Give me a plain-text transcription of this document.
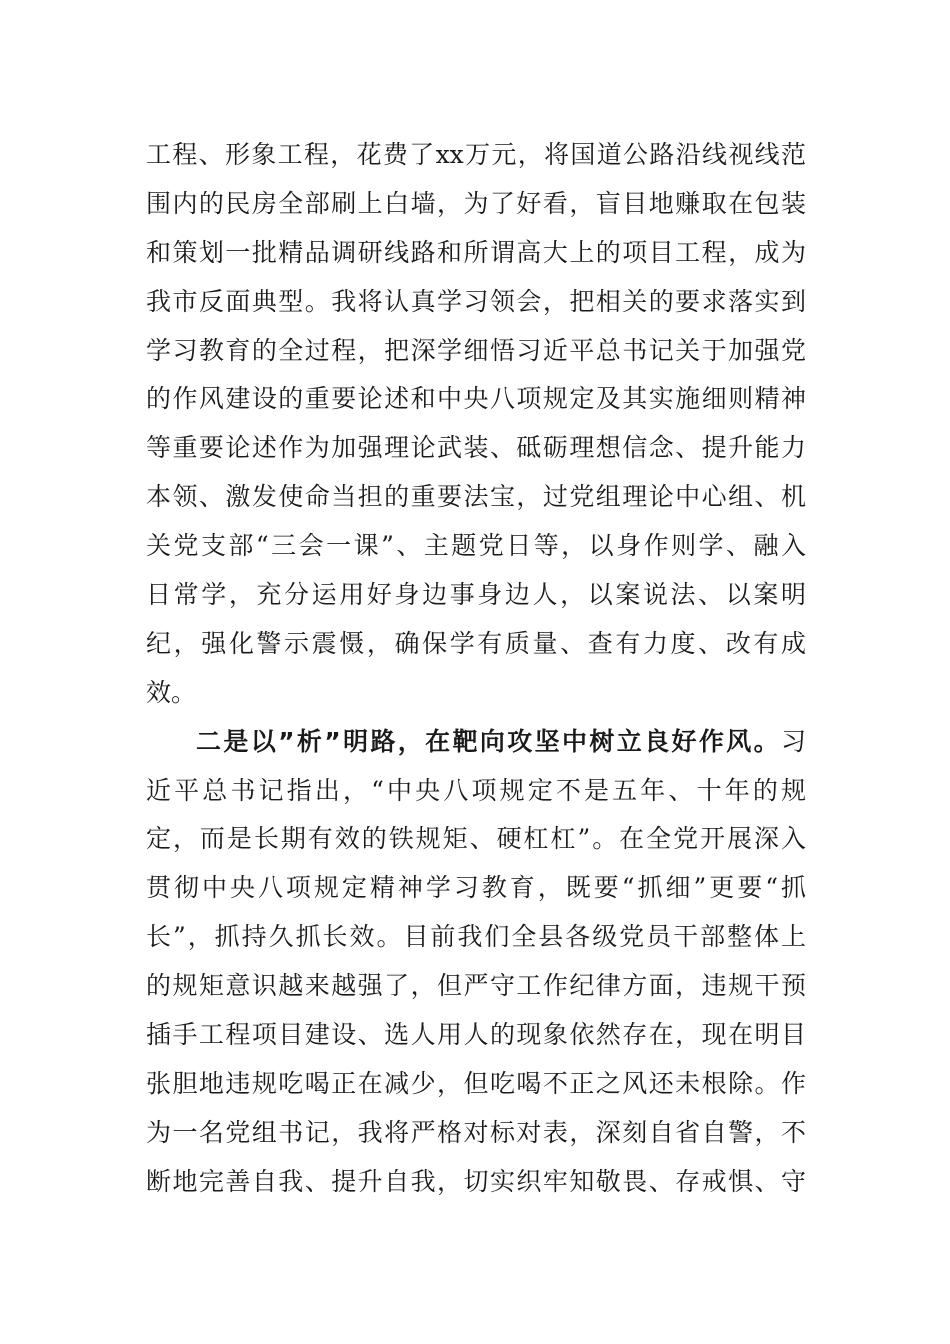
工程、形象工程，花费了xx万元，将国道公路沿线视线范
围内的民房全部刷上白墙，为了好看，盲目地赚取在包装
和策划一批精品调研线路和所谓高大上的项目工程，成为
我市反面典型。我将认真学习领会，把相关的要求落实到
学习教育的全过程，把深学细悟习近平总书记关于加强党
的作风建设的重要论述和中央八项规定及其实施细则精神
等重要论述作为加强理论武装、砥砺理想信念、提升能力
本领、激发使命当担的重要法宝，过党组理论中心组、机
关党支部“三会一课”、主题党日等，以身作则学、融入
日常学，充分运用好身边事身边人，以案说法、以案明
纪，强化警示震慑，确保学有质量、查有力度、改有成
效。
二是以”析”明路，在靶向攻坚中树立良好作风。习
近平总书记指出，“中央八项规定不是五年、十年的规
定，而是长期有效的铁规矩、硬杠杠”。在全党开展深入
贯彻中央八项规定精神学习教育，既要“抓细”更要“抓
长”，抓持久抓长效。目前我们全县各级党员干部整体上
的规矩意识越来越强了，但严守工作纪律方面，违规干预
插手工程项目建设、选人用人的现象依然存在，现在明目
张胆地违规吃喝正在减少，但吃喝不正之风还未根除。作
为一名党组书记，我将严格对标对表，深刻自省自警，不
断地完善自我、提升自我，切实织牢知敬畏、存戒惧、守
